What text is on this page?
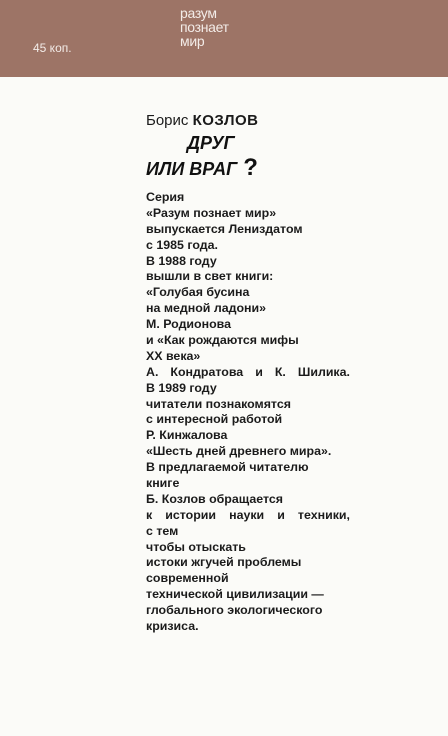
45 коп.
разум
познает
мир
Борис КОЗЛОВ
ДРУГ
ИЛИ ВРАГ ?
Серия
«Разум познает мир»
выпускается Лениздатом
с 1985 года.
В 1988 году
вышли в свет книги:
«Голубая бусина
на медной ладони»
М. Родионова
и «Как рождаются мифы
XX века»
А. Кондратова и К. Шилика.
В 1989 году
читатели познакомятся
с интересной работой
Р. Кинжалова
«Шесть дней древнего мира».
В предлагаемой читателю
книге
Б. Козлов обращается
к истории науки и техники,
с тем
чтобы отыскать
истоки жгучей проблемы
современной
технической цивилизации —
глобального экологического
кризиса.
